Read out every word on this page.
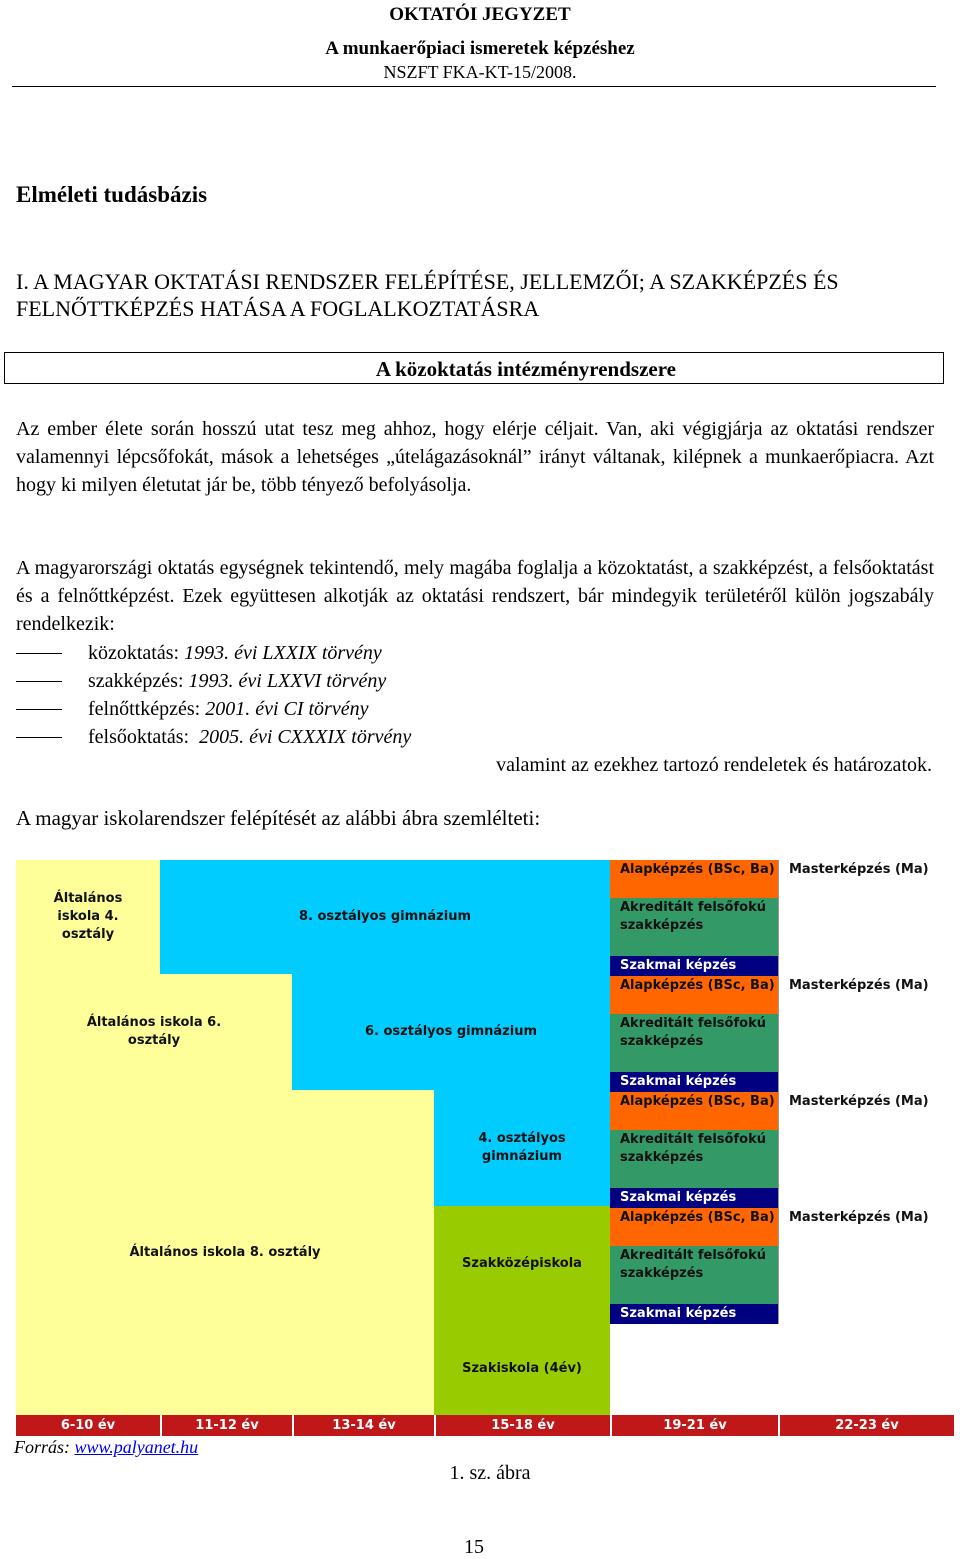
OKTATÓI JEGYZET
A munkaerőpiaci ismeretek képzéshez
NSZFT FKA-KT-15/2008.
Elméleti tudásbázis
I. A MAGYAR OKTATÁSI RENDSZER FELÉPÍTÉSE, JELLEMZŐI; A SZAKKÉPZÉS ÉS FELNŐTTKÉPZÉS HATÁSA A FOGLALKOZTATÁSRA
A közoktatás intézményrendszere
Az ember élete során hosszú utat tesz meg ahhoz, hogy elérje céljait. Van, aki végigjárja az oktatási rendszer valamennyi lépcsőfokát, mások a lehetséges „útelágazásoknál” irányt váltanak, kilépnek a munkaerőpiacra. Azt hogy ki milyen életutat jár be, több tényező befolyásolja.
A magyarországi oktatás egységnek tekintendő, mely magába foglalja a közoktatást, a szakképzést, a felsőoktatást és a felnőttképzést. Ezek együttesen alkotják az oktatási rendszert, bár mindegyik területéről külön jogszabály rendelkezik:
közoktatás: 1993. évi LXXIX törvény
szakképzés: 1993. évi LXXVI törvény
felnőttképzés: 2001. évi CI törvény
felsőoktatás:  2005. évi CXXXIX törvény
valamint az ezekhez tartozó rendeletek és határozatok.
A magyar iskolarendszer felépítését az alábbi ábra szemlélteti:
Általános iskola 4. osztály
8. osztályos gimnázium
Általános iskola 6. osztály
6. osztályos gimnázium
Általános iskola 8. osztály
4. osztályos gimnázium
Szakközépiskola
Szakiskola (4év)
Alapképzés (BSc, Ba)
Akreditált felsőfokú szakképzés
Szakmai képzés
Masterképzés (Ma)
Alapképzés (BSc, Ba)
Akreditált felsőfokú szakképzés
Szakmai képzés
Masterképzés (Ma)
Alapképzés (BSc, Ba)
Akreditált felsőfokú szakképzés
Szakmai képzés
Masterképzés (Ma)
Alapképzés (BSc, Ba)
Akreditált felsőfokú szakképzés
Szakmai képzés
Masterképzés (Ma)
6-10 év	11-12 év	13-14 év	15-18 év	19-21 év	22-23 év
Forrás: www.palyanet.hu
1. sz. ábra
15
